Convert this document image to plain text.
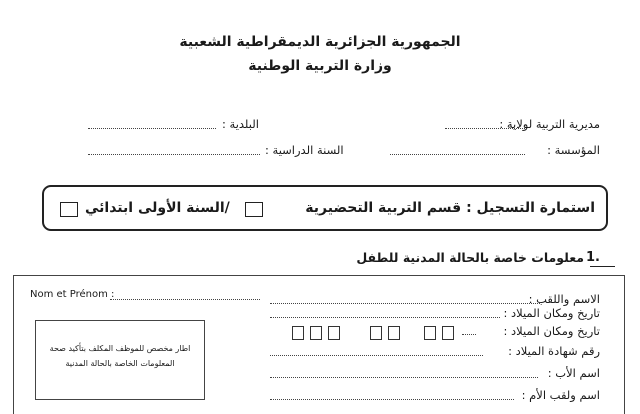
الجمهورية الجزائرية الديمقراطية الشعبية
وزارة التربية الوطنية
مديرية التربية لولاية :
البلدية :
المؤسسة :
السنة الدراسية :
استمارة التسجيل : قسم التربية التحضيرية
/السنة الأولى ابتدائي
1.
معلومات خاصة بالحالة المدنية للطفل
Nom et Prénom :	الاسم واللقب :
تاريخ ومكان الميلاد :
تاريخ ومكان الميلاد :
رقم شهادة الميلاد :
اسم الأب :
اسم ولقب الأم :
اطار مخصص للموظف المكلف بتأكيد صحة
المعلومات الخاصة بالحالة المدنية
